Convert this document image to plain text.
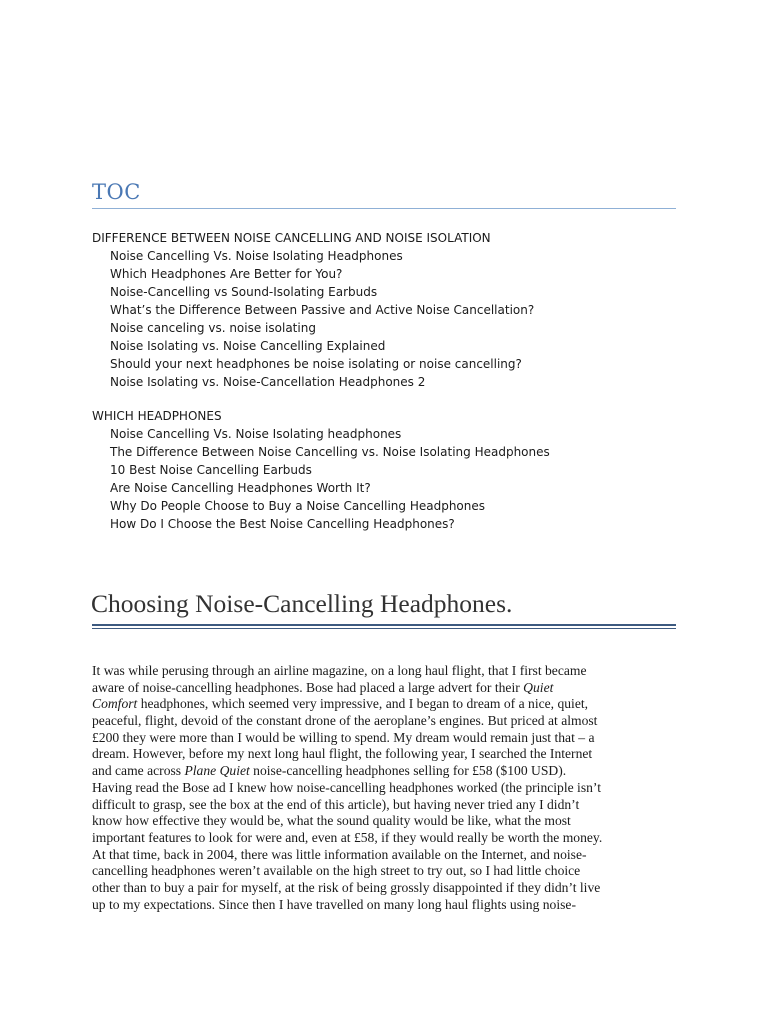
TOC
DIFFERENCE BETWEEN NOISE CANCELLING AND NOISE ISOLATION
Noise Cancelling Vs. Noise Isolating Headphones
Which Headphones Are Better for You?
Noise-Cancelling vs Sound-Isolating Earbuds
What’s the Difference Between Passive and Active Noise Cancellation?
Noise canceling vs. noise isolating
Noise Isolating vs. Noise Cancelling Explained
Should your next headphones be noise isolating or noise cancelling?
Noise Isolating vs. Noise-Cancellation Headphones 2
WHICH HEADPHONES
Noise Cancelling Vs. Noise Isolating headphones
The Difference Between Noise Cancelling vs. Noise Isolating Headphones
10 Best Noise Cancelling Earbuds
Are Noise Cancelling Headphones Worth It?
Why Do People Choose to Buy a Noise Cancelling Headphones
How Do I Choose the Best Noise Cancelling Headphones?
Choosing Noise-Cancelling Headphones.
It was while perusing through an airline magazine, on a long haul flight, that I first became
aware of noise-cancelling headphones. Bose had placed a large advert for their Quiet
Comfort headphones, which seemed very impressive, and I began to dream of a nice, quiet,
peaceful, flight, devoid of the constant drone of the aeroplane’s engines. But priced at almost
£200 they were more than I would be willing to spend. My dream would remain just that – a
dream. However, before my next long haul flight, the following year, I searched the Internet
and came across Plane Quiet noise-cancelling headphones selling for £58 ($100 USD).
Having read the Bose ad I knew how noise-cancelling headphones worked (the principle isn’t
difficult to grasp, see the box at the end of this article), but having never tried any I didn’t
know how effective they would be, what the sound quality would be like, what the most
important features to look for were and, even at £58, if they would really be worth the money.
At that time, back in 2004, there was little information available on the Internet, and noise-
cancelling headphones weren’t available on the high street to try out, so I had little choice
other than to buy a pair for myself, at the risk of being grossly disappointed if they didn’t live
up to my expectations. Since then I have travelled on many long haul flights using noise-
